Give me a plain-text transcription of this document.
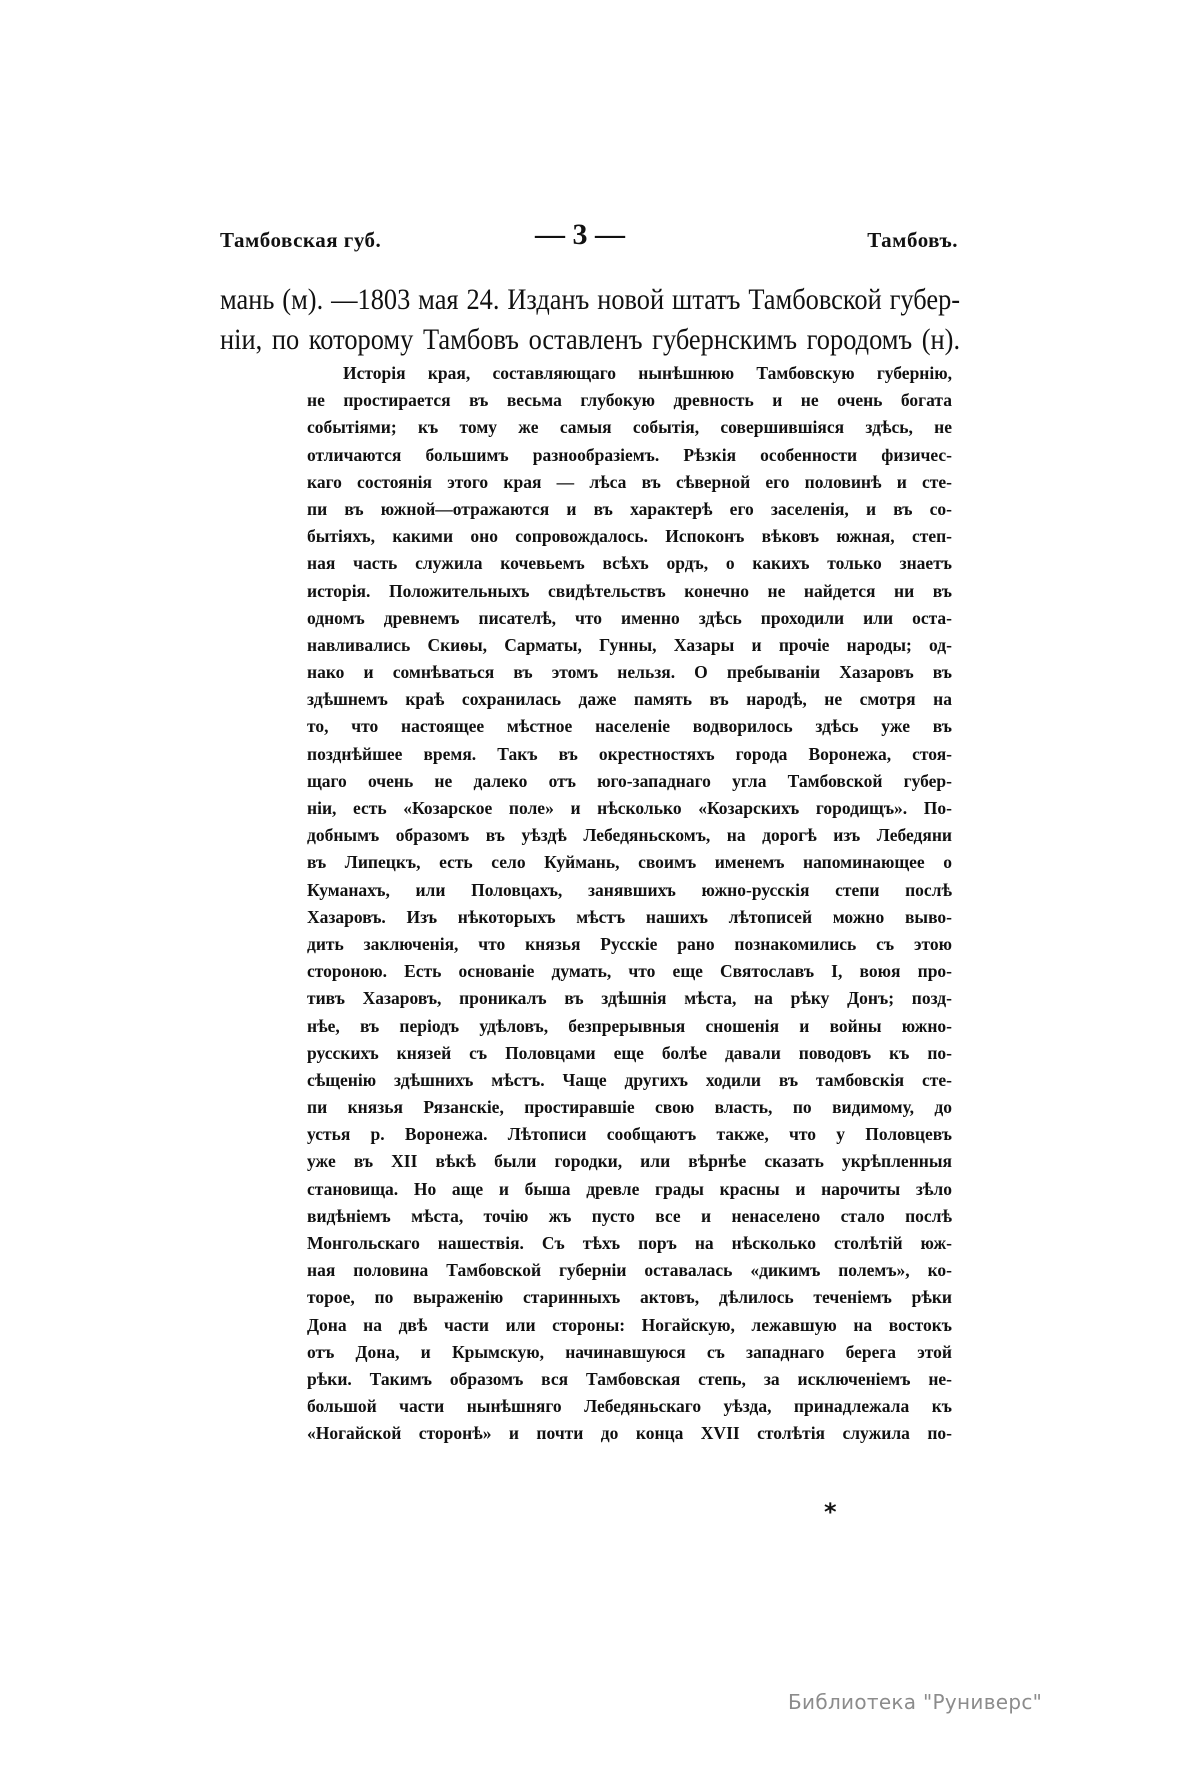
Тамбовская губ.	— 3 —	Тамбовъ.
мань (м). —1803 мая 24. Изданъ новой штатъ Тамбовской губер-
ніи, по которому Тамбовъ оставленъ губернскимъ городомъ (н).
Исторія края, составляющаго нынѣшнюю Тамбовскую губернію,
не простирается въ весьма глубокую древность и не очень богата
событіями; къ тому же самыя событія, совершившіяся здѣсь, не
отличаются большимъ разнообразіемъ. Рѣзкія особенности физичес-
каго состоянія этого края — лѣса въ сѣверной его половинѣ и сте-
пи въ южной—отражаются и въ характерѣ его заселенія, и въ со-
бытіяхъ, какими оно сопровождалось. Испоконъ вѣковъ южная, степ-
ная часть служила кочевьемъ всѣхъ ордъ, о какихъ только знаетъ
исторія. Положительныхъ свидѣтельствъ конечно не найдется ни въ
одномъ древнемъ писателѣ, что именно здѣсь проходили или оста-
навливались Скиѳы, Сарматы, Гунны, Хазары и прочіе народы; од-
нако и сомнѣваться въ этомъ нельзя. О пребываніи Хазаровъ въ
здѣшнемъ краѣ сохранилась даже память въ народѣ, не смотря на
то, что настоящее мѣстное населеніе водворилось здѣсь уже въ
позднѣйшее время. Такъ въ окрестностяхъ города Воронежа, стоя-
щаго очень не далеко отъ юго-западнаго угла Тамбовской губер-
ніи, есть «Козарское поле» и нѣсколько «Козарскихъ городищъ». По-
добнымъ образомъ въ уѣздѣ Лебедяньскомъ, на дорогѣ изъ Лебедяни
въ Липецкъ, есть село Куймань, своимъ именемъ напоминающее о
Куманахъ, или Половцахъ, занявшихъ южно-русскія степи послѣ
Хазаровъ. Изъ нѣкоторыхъ мѣстъ нашихъ лѣтописей можно выво-
дить заключенія, что князья Русскіе рано познакомились съ этою
стороною. Есть основаніе думать, что еще Святославъ I, воюя про-
тивъ Хазаровъ, проникалъ въ здѣшнія мѣста, на рѣку Донъ; позд-
нѣе, въ періодъ удѣловъ, безпрерывныя сношенія и войны южно-
русскихъ князей съ Половцами еще болѣе давали поводовъ къ по-
сѣщенію здѣшнихъ мѣстъ. Чаще другихъ ходили въ тамбовскія сте-
пи князья Рязанскіе, простиравшіе свою власть, по видимому, до
устья р. Воронежа. Лѣтописи сообщаютъ также, что у Половцевъ
уже въ XII вѣкѣ были городки, или вѣрнѣе сказать укрѣпленныя
становища. Но аще и быша древле грады красны и нарочиты зѣло
видѣніемъ мѣста, точію жъ пусто все и ненаселено стало послѣ
Монгольскаго нашествія. Съ тѣхъ поръ на нѣсколько столѣтій юж-
ная половина Тамбовской губерніи оставалась «дикимъ полемъ», ко-
торое, по выраженію старинныхъ актовъ, дѣлилось теченіемъ рѣки
Дона на двѣ части или стороны: Ногайскую, лежавшую на востокъ
отъ Дона, и Крымскую, начинавшуюся съ западнаго берега этой
рѣки. Такимъ образомъ вся Тамбовская степь, за исключеніемъ не-
большой части нынѣшняго Лебедяньскаго уѣзда, принадлежала къ
«Ногайской сторонѣ» и почти до конца XVII столѣтія служила по-
*
Библиотека "Руниверс"
